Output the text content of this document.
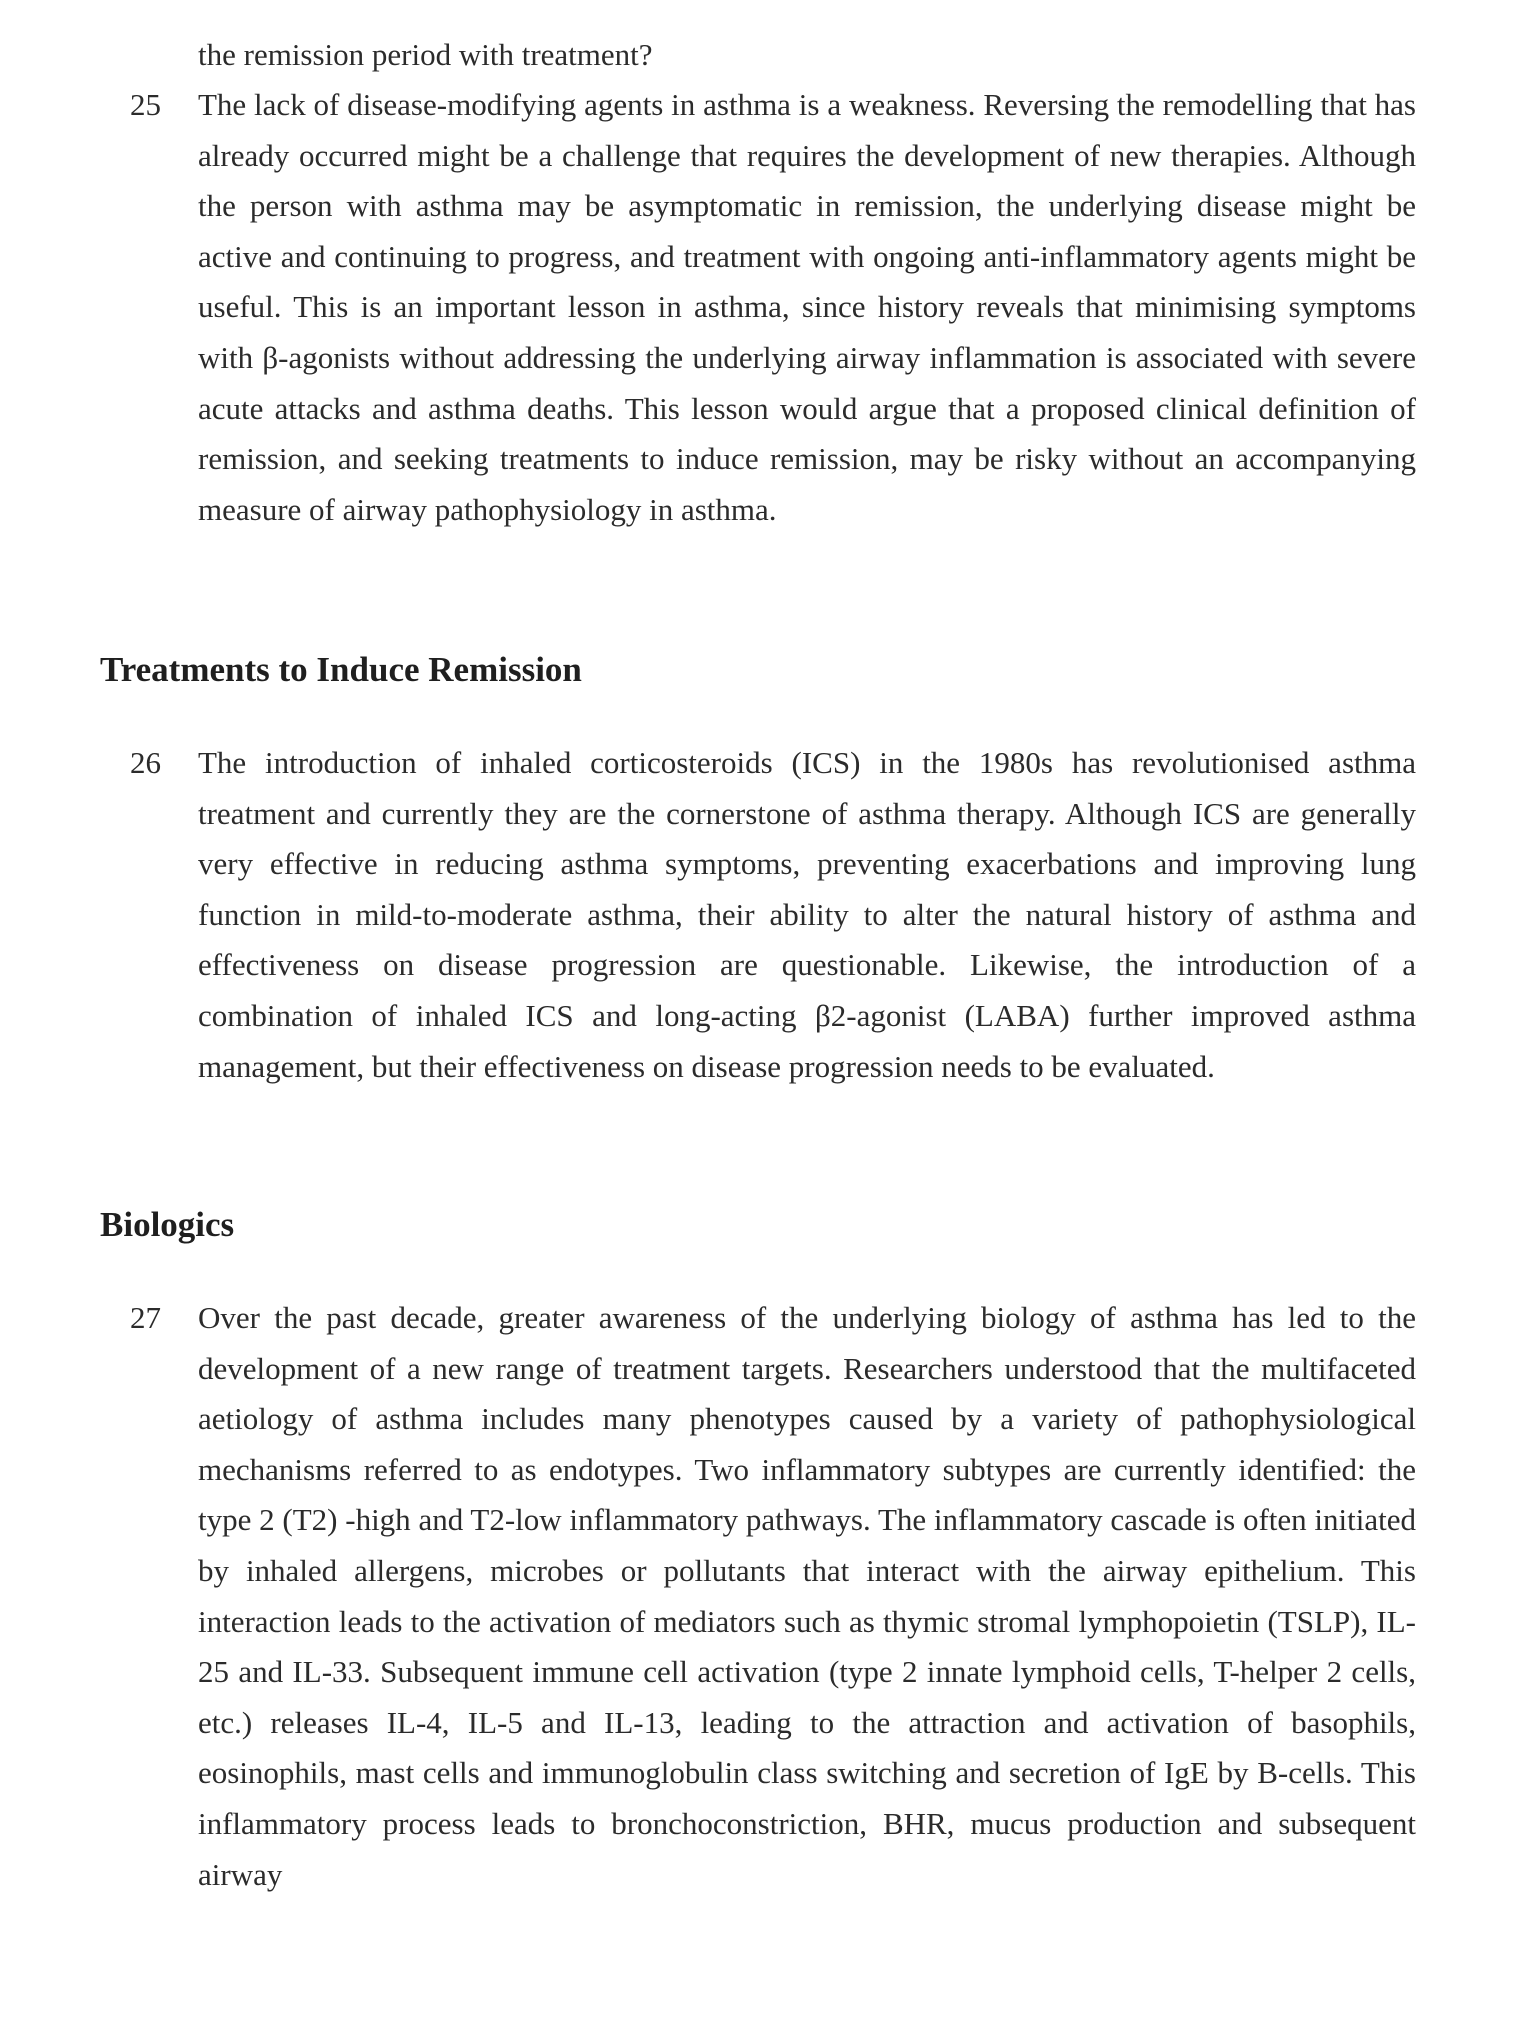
the remission period with treatment?

25 The lack of disease-modifying agents in asthma is a weakness. Reversing the remodelling that has already occurred might be a challenge that requires the development of new therapies. Although the person with asthma may be asymptomatic in remission, the underlying disease might be active and continuing to progress, and treatment with ongoing anti-inflammatory agents might be useful. This is an important lesson in asthma, since history reveals that minimising symptoms with β-agonists without addressing the underlying airway inflammation is associated with severe acute attacks and asthma deaths. This lesson would argue that a proposed clinical definition of remission, and seeking treatments to induce remission, may be risky without an accompanying measure of airway pathophysiology in asthma.

Treatments to Induce Remission
26 The introduction of inhaled corticosteroids (ICS) in the 1980s has revolutionised asthma treatment and currently they are the cornerstone of asthma therapy. Although ICS are generally very effective in reducing asthma symptoms, preventing exacerbations and improving lung function in mild-to-moderate asthma, their ability to alter the natural history of asthma and effectiveness on disease progression are questionable. Likewise, the introduction of a combination of inhaled ICS and long-acting β2-agonist (LABA) further improved asthma management, but their effectiveness on disease progression needs to be evaluated.

Biologics
27 Over the past decade, greater awareness of the underlying biology of asthma has led to the development of a new range of treatment targets. Researchers understood that the multifaceted aetiology of asthma includes many phenotypes caused by a variety of pathophysiological mechanisms referred to as endotypes. Two inflammatory subtypes are currently identified: the type 2 (T2) -high and T2-low inflammatory pathways. The inflammatory cascade is often initiated by inhaled allergens, microbes or pollutants that interact with the airway epithelium. This interaction leads to the activation of mediators such as thymic stromal lymphopoietin (TSLP), IL-25 and IL-33. Subsequent immune cell activation (type 2 innate lymphoid cells, T-helper 2 cells, etc.) releases IL-4, IL-5 and IL-13, leading to the attraction and activation of basophils, eosinophils, mast cells and immunoglobulin class switching and secretion of IgE by B-cells. This inflammatory process leads to bronchoconstriction, BHR, mucus production and subsequent airway
